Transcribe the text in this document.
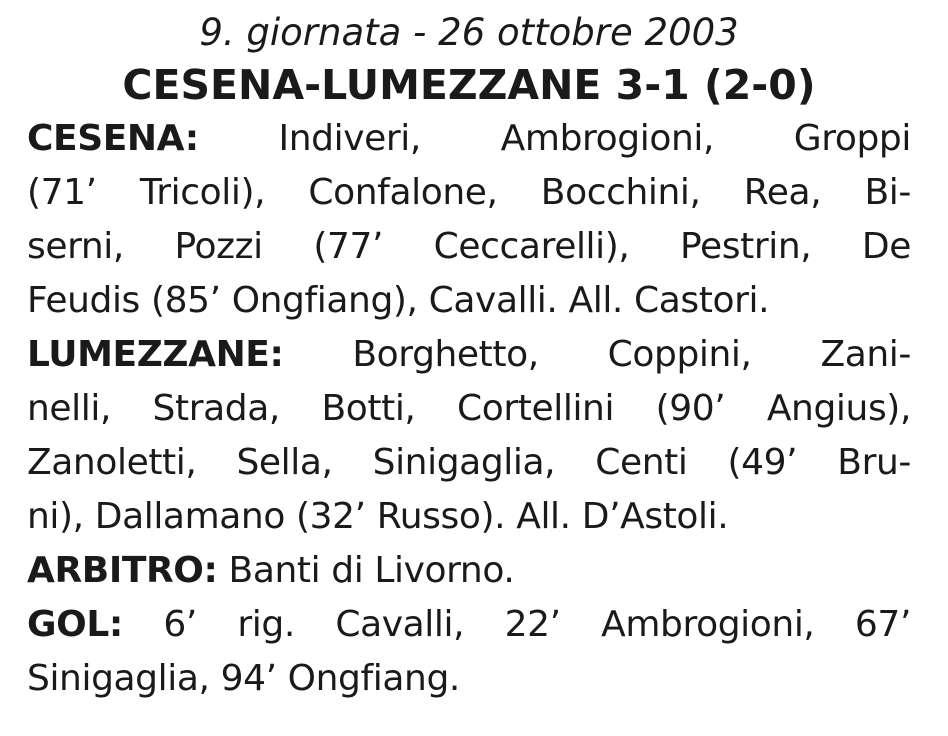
9. giornata - 26 ottobre 2003
CESENA-LUMEZZANE 3-1 (2-0)
CESENA: Indiveri, Ambrogioni, Groppi
(71’ Tricoli), Confalone, Bocchini, Rea, Bi-
serni, Pozzi (77’ Ceccarelli), Pestrin, De
Feudis (85’ Ongfiang), Cavalli. All. Castori.
LUMEZZANE: Borghetto, Coppini, Zani-
nelli, Strada, Botti, Cortellini (90’ Angius),
Zanoletti, Sella, Sinigaglia, Centi (49’ Bru-
ni), Dallamano (32’ Russo). All. D’Astoli.
ARBITRO: Banti di Livorno.
GOL: 6’ rig. Cavalli, 22’ Ambrogioni, 67’
Sinigaglia, 94’ Ongfiang.
